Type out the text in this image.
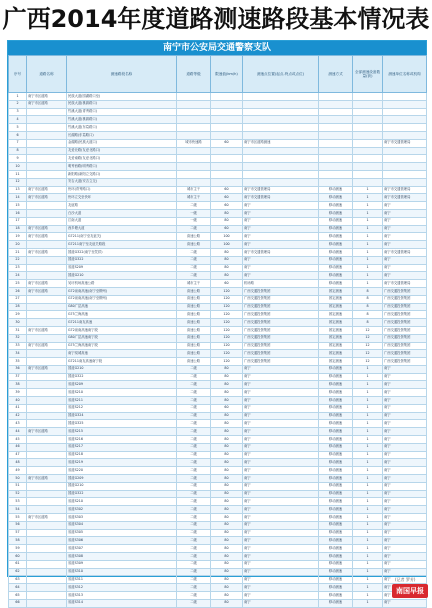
广西2014年度道路测速路段基本情况表
南宁市公安局交通警察支队
序号	道路名称	测速路段名称	道路等级	限速值(km/h)	测速点位置(起点-终点或点位)	测速方式	全部测速设备数量(套)	测速单位名称或机构
1	南宁市区道路	民族大道(园湖路口至)						
2	南宁市区道路	民族大道(桃源路口)						
3		竹溪大道(青秀路口)						
4		竹溪大道(桃源路口)						
5		竹溪大道(东葛路口)						
6		长湖路(东葛路口)						
7		金湖路(民族大道口)	城市快速路	60	南宁市区道路测速			南宁市交通管理局
8		友爱北路(友爱北路口)						
9		友爱南路(友爱北路口)						
10		明秀西路(明秀路口)						
11		新阳路(新阳立交路口)						
12		安吉大道(安吉立交)						
13	南宁市区道路	快环(青秀路口)	城市主干	60	南宁市交通管理局	移动测速	1	南宁市交通管理局
14	南宁市区道路	快环立交至快环	城市主干	60	南宁市交通管理局	移动测速	1	南宁市交通管理局
15		友谊路	二级	60	南宁	移动测速	1	南宁
16		白沙大道	一级	80	南宁	移动测速	1	南宁
17		江南大道	一级	80	南宁	移动测速	1	南宁
18	南宁市区道路	西乡塘大道	二级	60	南宁	移动测速	1	南宁
19	南宁市区道路	G7211(南宁至友谊关)	高速公路	100	南宁	移动测速	1	南宁
20		G7211南宁至友谊关路段	高速公路	100	南宁	移动测速	1	南宁
21	南宁市区道路	国道G322(南宁至凭祥)	二级	80	南宁市交通管理局	移动测速	1	南宁市交通管理局
22		国道G322	二级	80	南宁	移动测速	1	南宁
23		省道S209	二级	80	南宁	移动测速	1	南宁
24		国道G210	二级	80	南宁	移动测速	1	南宁
25	南宁市区道路	吴圩机场高速公路	城市主干	60	机场路	移动测速	1	南宁市交通管理局
26	南宁市区道路	G72泉南高速(南宁至柳州)	高速公路	120	广西交通投资集团	固定测速	8	广西交通投资集团
27		G72泉南高速(南宁至柳州)	高速公路	120	广西交通投资集团	固定测速	8	广西交通投资集团
28		G80广昆高速	高速公路	120	广西交通投资集团	固定测速	8	广西交通投资集团
29		G75兰海高速	高速公路	120	广西交通投资集团	固定测速	8	广西交通投资集团
30		G7211南友高速	高速公路	120	广西交通投资集团	固定测速	8	广西交通投资集团
31	南宁市区道路	G72泉南高速南宁段	高速公路	120	广西交通投资集团	固定测速	12	广西交通投资集团
32		G80广昆高速南宁段	高速公路	120	广西交通投资集团	固定测速	12	广西交通投资集团
33	南宁市区道路	G75兰海高速南宁段	高速公路	120	广西交通投资集团	固定测速	12	广西交通投资集团
34		南宁绕城高速	高速公路	120	广西交通投资集团	固定测速	12	广西交通投资集团
35		G7211南友高速南宁段	高速公路	120	广西交通投资集团	固定测速	12	广西交通投资集团
36	南宁市区道路	国道G210	二级	80	南宁	移动测速	1	南宁
37		国道G322	二级	80	南宁	移动测速	1	南宁
38		省道S209	二级	80	南宁	移动测速	1	南宁
39		省道S210	二级	80	南宁	移动测速	1	南宁
40		省道S211	二级	80	南宁	移动测速	1	南宁
41		省道S212	二级	60	南宁	移动测速	1	南宁
42		国道G324	二级	80	南宁	移动测速	1	南宁
43		国道G325	二级	80	南宁	移动测速	1	南宁
44	南宁市区道路	省道S215	二级	80	南宁	移动测速	1	南宁
45		省道S216	二级	80	南宁	移动测速	1	南宁
46		省道S217	二级	80	南宁	移动测速	1	南宁
47		省道S218	二级	80	南宁	移动测速	1	南宁
48		省道S219	二级	80	南宁	移动测速	1	南宁
49		省道S220	二级	80	南宁	移动测速	1	南宁
50	南宁市区道路	国道G209	二级	80	南宁	移动测速	1	南宁
51		国道G210	二级	80	南宁	移动测速	1	南宁
52		国道G322	二级	80	南宁	移动测速	1	南宁
53		省道S210	二级	80	南宁	移动测速	1	南宁
54		省道S302	二级	80	南宁	移动测速	1	南宁
55	南宁市区道路	省道S303	二级	80	南宁	移动测速	1	南宁
56		省道S304	二级	80	南宁	移动测速	1	南宁
57		省道S305	二级	80	南宁	移动测速	1	南宁
58		省道S306	二级	80	南宁	移动测速	1	南宁
59		省道S307	二级	80	南宁	移动测速	1	南宁
60		省道S308	二级	80	南宁	移动测速	1	南宁
61		省道S309	二级	80	南宁	移动测速	1	南宁
62		省道S310	二级	80	南宁	移动测速	1	南宁
63		省道S311	二级	80	南宁	移动测速	1	南宁
64		省道S312	二级	80	南宁	移动测速	1	南宁
65		省道S313	二级	80	南宁	移动测速	1	南宁
66		省道S314	二级	80	南宁	移动测速	1	南宁
(记者 罗芳)
南国早报
